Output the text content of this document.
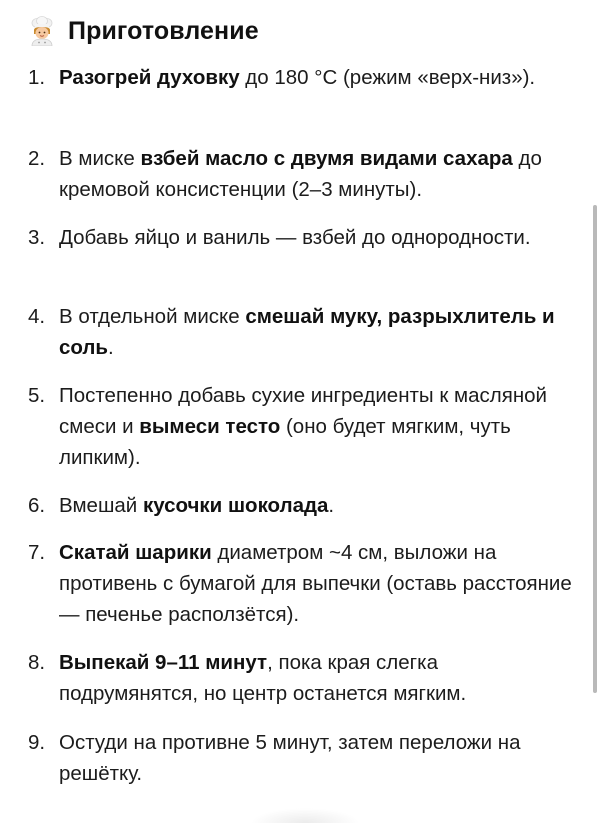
Приготовление
1. Разогрей духовку до 180 °C (режим «верх-низ»).
2. В миске взбей масло с двумя видами сахара до кремовой консистенции (2–3 минуты).
3. Добавь яйцо и ваниль — взбей до однородности.
4. В отдельной миске смешай муку, разрыхлитель и соль.
5. Постепенно добавь сухие ингредиенты к масляной смеси и вымеси тесто (оно будет мягким, чуть липким).
6. Вмешай кусочки шоколада.
7. Скатай шарики диаметром ~4 см, выложи на противень с бумагой для выпечки (оставь расстояние — печенье расползётся).
8. Выпекай 9–11 минут, пока края слегка подрумянятся, но центр останется мягким.
9. Остуди на противне 5 минут, затем переложи на решётку.
